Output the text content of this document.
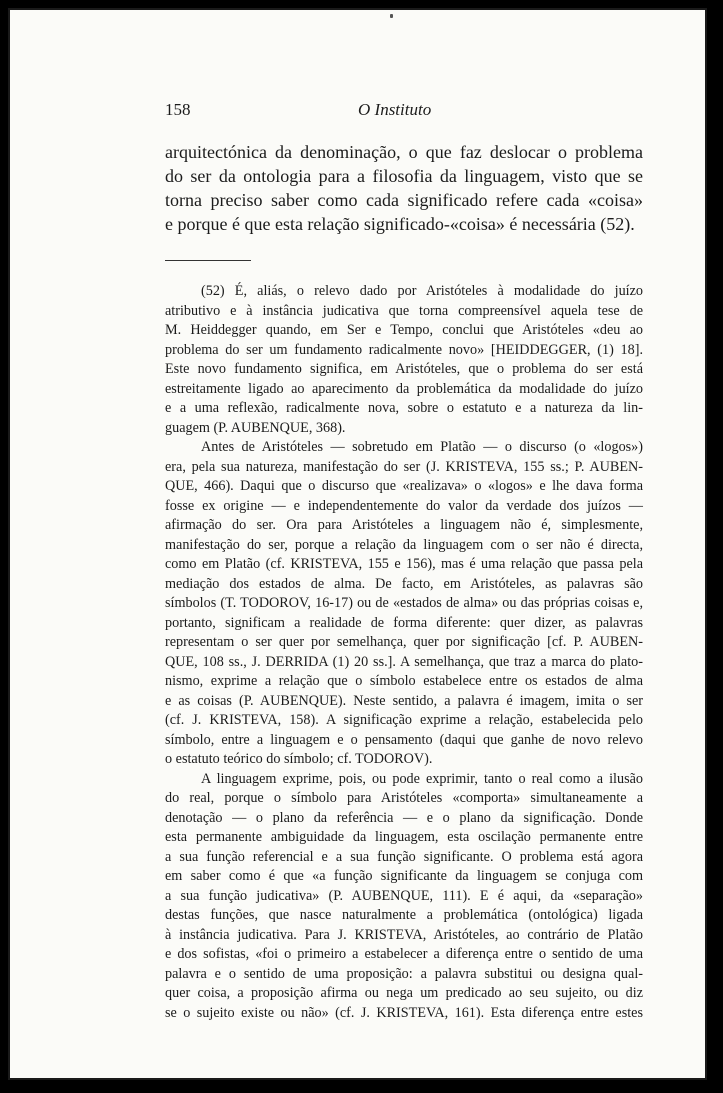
158	O Instituto
arquitectónica da denominação, o que faz deslocar o problema
do ser da ontologia para a filosofia da linguagem, visto que se
torna preciso saber como cada significado refere cada «coisa»
e porque é que esta relação significado-«coisa» é necessária (52).
(52) É, aliás, o relevo dado por Aristóteles à modalidade do juízo
atributivo e à instância judicativa que torna compreensível aquela tese de
M. Heiddegger quando, em Ser e Tempo, conclui que Aristóteles «deu ao
problema do ser um fundamento radicalmente novo» [HEIDDEGGER, (1) 18].
Este novo fundamento significa, em Aristóteles, que o problema do ser está
estreitamente ligado ao aparecimento da problemática da modalidade do juízo
e a uma reflexão, radicalmente nova, sobre o estatuto e a natureza da lin-
guagem (P. AUBENQUE, 368).
Antes de Aristóteles — sobretudo em Platão — o discurso (o «logos»)
era, pela sua natureza, manifestação do ser (J. KRISTEVA, 155 ss.; P. AUBEN-
QUE, 466). Daqui que o discurso que «realizava» o «logos» e lhe dava forma
fosse ex origine — e independentemente do valor da verdade dos juízos —
afirmação do ser. Ora para Aristóteles a linguagem não é, simplesmente,
manifestação do ser, porque a relação da linguagem com o ser não é directa,
como em Platão (cf. KRISTEVA, 155 e 156), mas é uma relação que passa pela
mediação dos estados de alma. De facto, em Aristóteles, as palavras são
símbolos (T. TODOROV, 16-17) ou de «estados de alma» ou das próprias coisas e,
portanto, significam a realidade de forma diferente: quer dizer, as palavras
representam o ser quer por semelhança, quer por significação [cf. P. AUBEN-
QUE, 108 ss., J. DERRIDA (1) 20 ss.]. A semelhança, que traz a marca do plato-
nismo, exprime a relação que o símbolo estabelece entre os estados de alma
e as coisas (P. AUBENQUE). Neste sentido, a palavra é imagem, imita o ser
(cf. J. KRISTEVA, 158). A significação exprime a relação, estabelecida pelo
símbolo, entre a linguagem e o pensamento (daqui que ganhe de novo relevo
o estatuto teórico do símbolo; cf. TODOROV).
A linguagem exprime, pois, ou pode exprimir, tanto o real como a ilusão
do real, porque o símbolo para Aristóteles «comporta» simultaneamente a
denotação — o plano da referência — e o plano da significação. Donde
esta permanente ambiguidade da linguagem, esta oscilação permanente entre
a sua função referencial e a sua função significante. O problema está agora
em saber como é que «a função significante da linguagem se conjuga com
a sua função judicativa» (P. AUBENQUE, 111). E é aqui, da «separação»
destas funções, que nasce naturalmente a problemática (ontológica) ligada
à instância judicativa. Para J. KRISTEVA, Aristóteles, ao contrário de Platão
e dos sofistas, «foi o primeiro a estabelecer a diferença entre o sentido de uma
palavra e o sentido de uma proposição: a palavra substitui ou designa qual-
quer coisa, a proposição afirma ou nega um predicado ao seu sujeito, ou diz
se o sujeito existe ou não» (cf. J. KRISTEVA, 161). Esta diferença entre estes
